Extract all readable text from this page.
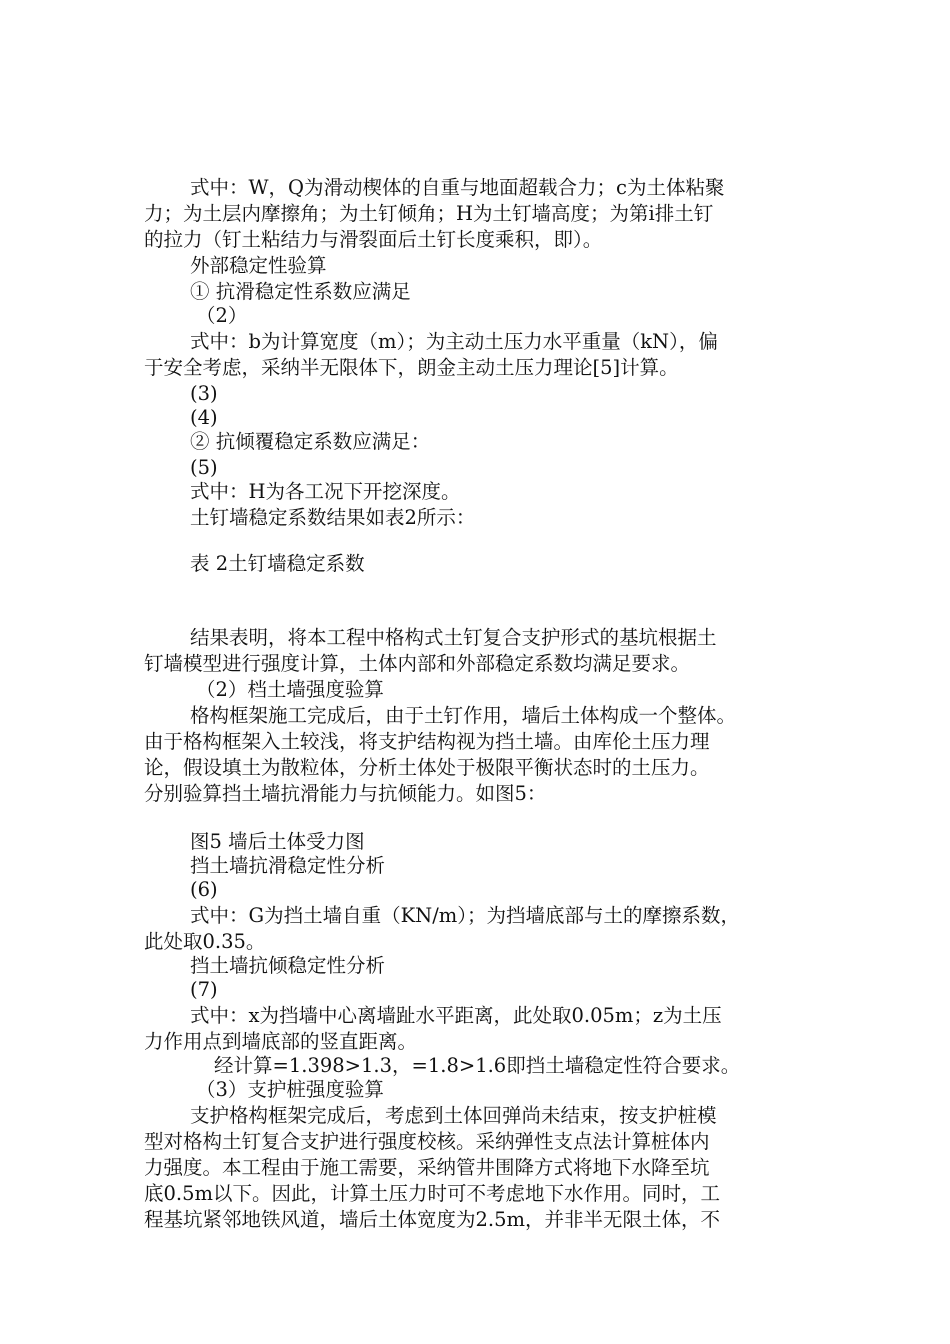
式中：W，Q为滑动楔体的自重与地面超载合力；c为土体粘聚
力；为土层内摩擦角；为土钉倾角；H为土钉墙高度；为第i排土钉
的拉力（钉土粘结力与滑裂面后土钉长度乘积，即）。
外部稳定性验算
① 抗滑稳定性系数应满足
（2）
式中：b为计算宽度（m）；为主动土压力水平重量（kN），偏
于安全考虑，采纳半无限体下，朗金主动土压力理论[5]计算。
(3)
(4)
② 抗倾覆稳定系数应满足：
(5)
式中：H为各工况下开挖深度。
土钉墙稳定系数结果如表2所示：
表 2土钉墙稳定系数
结果表明，将本工程中格构式土钉复合支护形式的基坑根据土
钉墙模型进行强度计算，土体内部和外部稳定系数均满足要求。
（2）档土墙强度验算
格构框架施工完成后，由于土钉作用，墙后土体构成一个整体。
由于格构框架入土较浅，将支护结构视为挡土墙。由库伦土压力理
论，假设填土为散粒体，分析土体处于极限平衡状态时的土压力。
分别验算挡土墙抗滑能力与抗倾能力。如图5：
图5 墙后土体受力图
挡土墙抗滑稳定性分析
(6)
式中：G为挡土墙自重（KN/m）；为挡墙底部与土的摩擦系数，
此处取0.35。
挡土墙抗倾稳定性分析
(7)
式中：x为挡墙中心离墙趾水平距离，此处取0.05m；z为土压
力作用点到墙底部的竖直距离。
经计算=1.398>1.3，=1.8>1.6即挡土墙稳定性符合要求。
（3）支护桩强度验算
支护格构框架完成后，考虑到土体回弹尚未结束，按支护桩模
型对格构土钉复合支护进行强度校核。采纳弹性支点法计算桩体内
力强度。本工程由于施工需要，采纳管井围降方式将地下水降至坑
底0.5m以下。因此，计算土压力时可不考虑地下水作用。同时，工
程基坑紧邻地铁风道，墙后土体宽度为2.5m，并非半无限土体，不
